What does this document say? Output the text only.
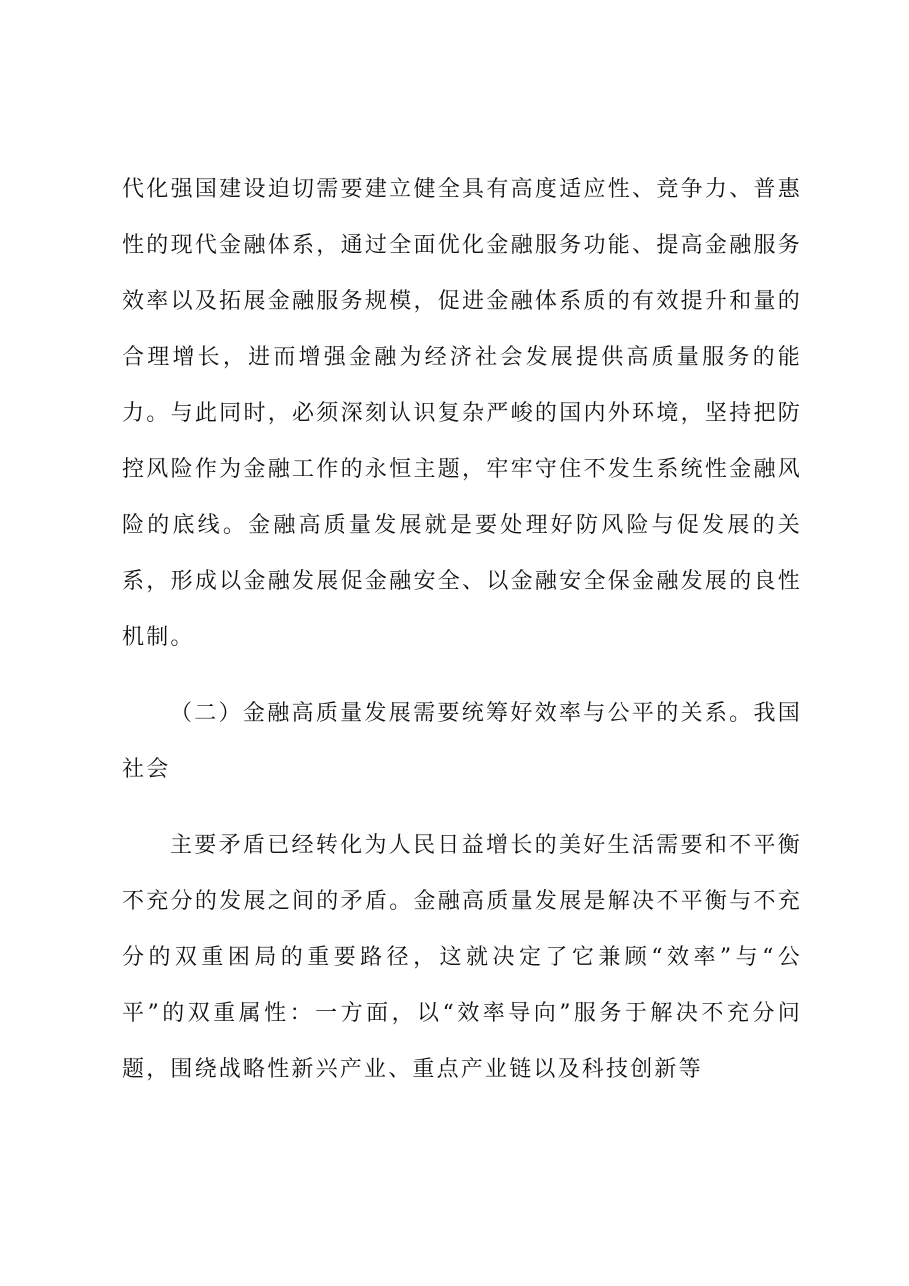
代化强国建设迫切需要建立健全具有高度适应性、竞争力、普惠性的现代金融体系，通过全面优化金融服务功能、提高金融服务效率以及拓展金融服务规模，促进金融体系质的有效提升和量的合理增长，进而增强金融为经济社会发展提供高质量服务的能力。与此同时，必须深刻认识复杂严峻的国内外环境，坚持把防控风险作为金融工作的永恒主题，牢牢守住不发生系统性金融风险的底线。金融高质量发展就是要处理好防风险与促发展的关系，形成以金融发展促金融安全、以金融安全保金融发展的良性机制。

（二）金融高质量发展需要统筹好效率与公平的关系。我国社会

主要矛盾已经转化为人民日益增长的美好生活需要和不平衡不充分的发展之间的矛盾。金融高质量发展是解决不平衡与不充分的双重困局的重要路径，这就决定了它兼顾“效率”与“公平”的双重属性：一方面，以“效率导向”服务于解决不充分问题，围绕战略性新兴产业、重点产业链以及科技创新等
